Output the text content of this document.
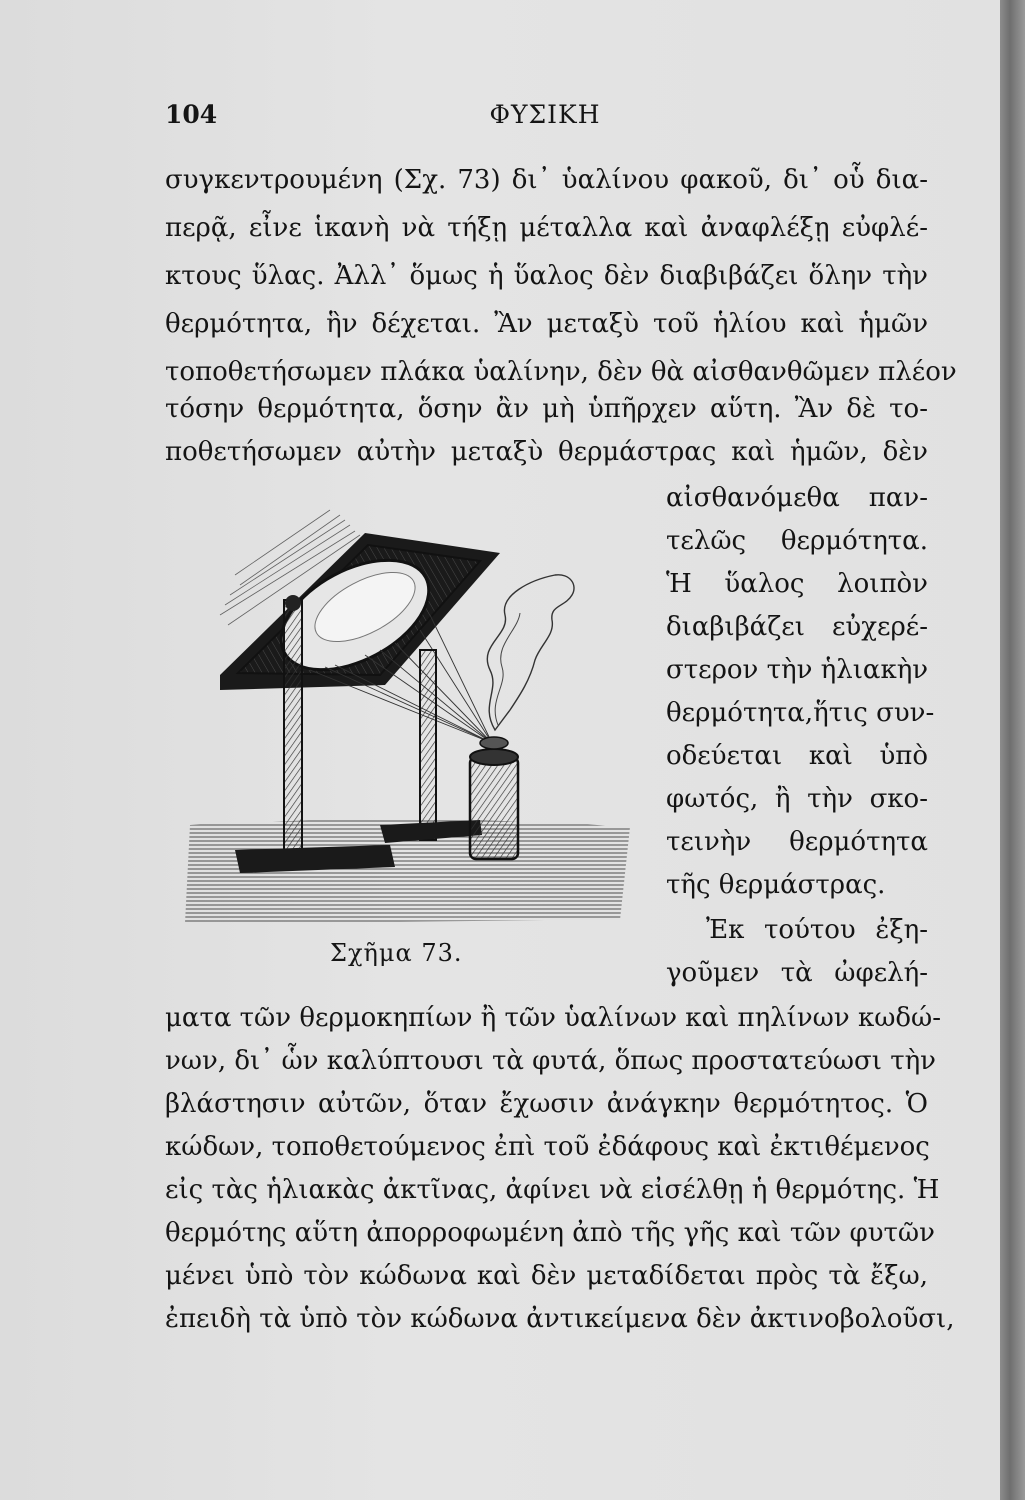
104	ΦΥΣΙΚΗ
συγκεντρουμένη (Σχ. 73) δι᾽ ὑαλίνου φακοῦ, δι᾽ οὗ δια-
περᾷ, εἶνε ἱκανὴ νὰ τήξῃ μέταλλα καὶ ἀναφλέξῃ εὐφλέ-
κτους ὕλας. Ἀλλ᾽ ὅμως ἡ ὕαλος δὲν διαβιβάζει ὅλην τὴν
θερμότητα, ἣν δέχεται. Ἂν μεταξὺ τοῦ ἡλίου καὶ ἡμῶν
τοποθετήσωμεν πλάκα ὑαλίνην, δὲν θὰ αἰσθανθῶμεν πλέον
τόσην θερμότητα, ὅσην ἂν μὴ ὑπῆρχεν αὕτη. Ἂν δὲ το-
ποθετήσωμεν αὐτὴν μεταξὺ θερμάστρας καὶ ἡμῶν, δὲν
αἰσθανόμεθα παν-
τελῶς θερμότητα.
Ἡ ὕαλος λοιπὸν
διαβιβάζει εὐχερέ-
στερον τὴν ἡλιακὴν
θερμότητα,ἥτις συν-
οδεύεται καὶ ὑπὸ
φωτός, ἢ τὴν σκο-
τεινὴν θερμότητα
τῆς θερμάστρας.
Ἐκ τούτου ἐξη-
γοῦμεν τὰ ὠφελή-
Σχῆμα 73.
ματα τῶν θερμοκηπίων ἢ τῶν ὑαλίνων καὶ πηλίνων κωδώ-
νων, δι᾽ ὧν καλύπτουσι τὰ φυτά, ὅπως προστατεύωσι τὴν
βλάστησιν αὐτῶν, ὅταν ἔχωσιν ἀνάγκην θερμότητος. Ὁ
κώδων, τοποθετούμενος ἐπὶ τοῦ ἐδάφους καὶ ἐκτιθέμενος
εἰς τὰς ἡλιακὰς ἀκτῖνας, ἀφίνει νὰ εἰσέλθῃ ἡ θερμότης. Ἡ
θερμότης αὕτη ἀπορροφωμένη ἀπὸ τῆς γῆς καὶ τῶν φυτῶν
μένει ὑπὸ τὸν κώδωνα καὶ δὲν μεταδίδεται πρὸς τὰ ἔξω,
ἐπειδὴ τὰ ὑπὸ τὸν κώδωνα ἀντικείμενα δὲν ἀκτινοβολοῦσι,
